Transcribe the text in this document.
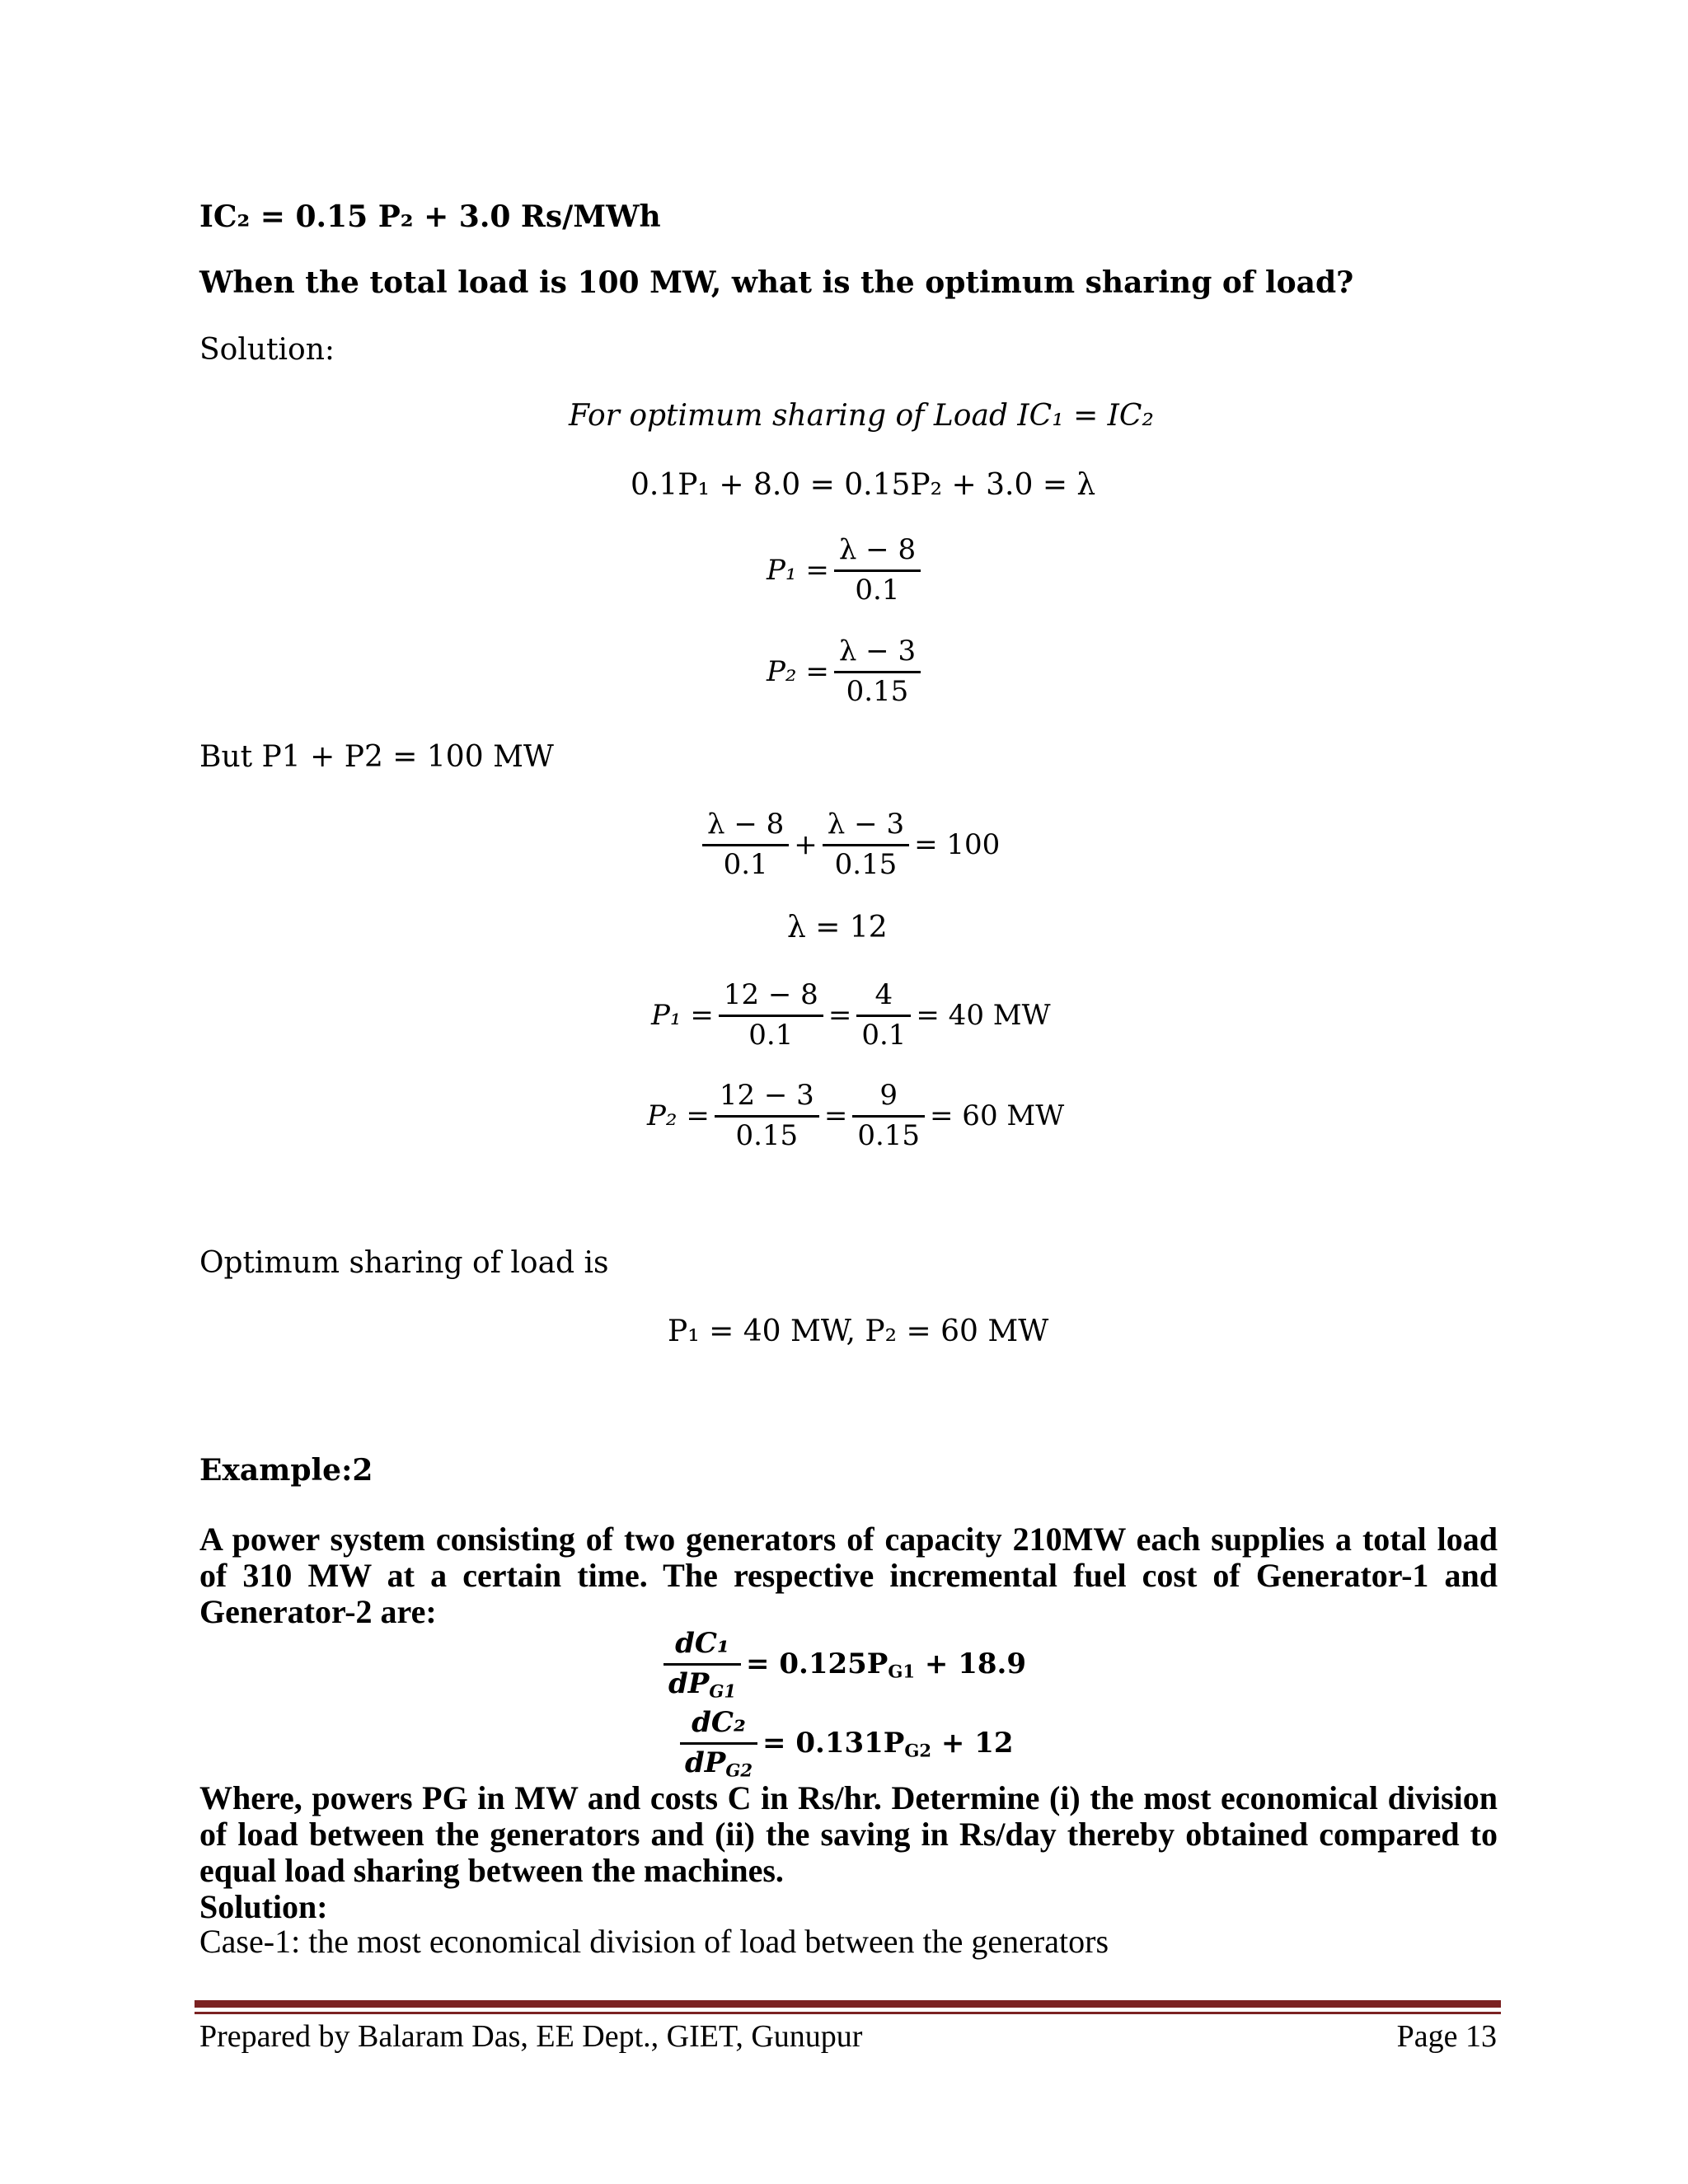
IC₂ = 0.15 P₂ + 3.0 Rs/MWh
When the total load is 100 MW, what is the optimum sharing of load?
Solution:
For optimum sharing of Load IC₁ = IC₂
0.1P₁ + 8.0 = 0.15P₂ + 3.0 = λ
$P_1 = \frac{\lambda - 8}{0.1}$
$P_2 = \frac{\lambda - 3}{0.15}$
But P1 + P2 = 100 MW
$\frac{\lambda - 8}{0.1} + \frac{\lambda - 3}{0.15} = 100$
λ = 12
$P_1 = \frac{12 - 8}{0.1} = \frac{4}{0.1} = 40$ MW
$P_2 = \frac{12 - 3}{0.15} = \frac{9}{0.15} = 60$ MW
Optimum sharing of load is
P₁ = 40 MW, P₂ = 60 MW
Example:2
A power system consisting of two generators of capacity 210MW each supplies a total load of 310 MW at a certain time. The respective incremental fuel cost of Generator-1 and Generator-2 are:
$\frac{\text{dC₁}}{dP_{G1}} = 0.125P_{G1} + 18.9$
$\frac{\text{dC₂}}{dP_{G2}} = 0.131P_{G2} + 12$
Where, powers PG in MW and costs C in Rs/hr. Determine (i) the most economical division of load between the generators and (ii) the saving in Rs/day thereby obtained compared to equal load sharing between the machines.
Solution:
Case-1: the most economical division of load between the generators
Prepared by Balaram Das, EE Dept., GIET, Gunupur	Page 13
